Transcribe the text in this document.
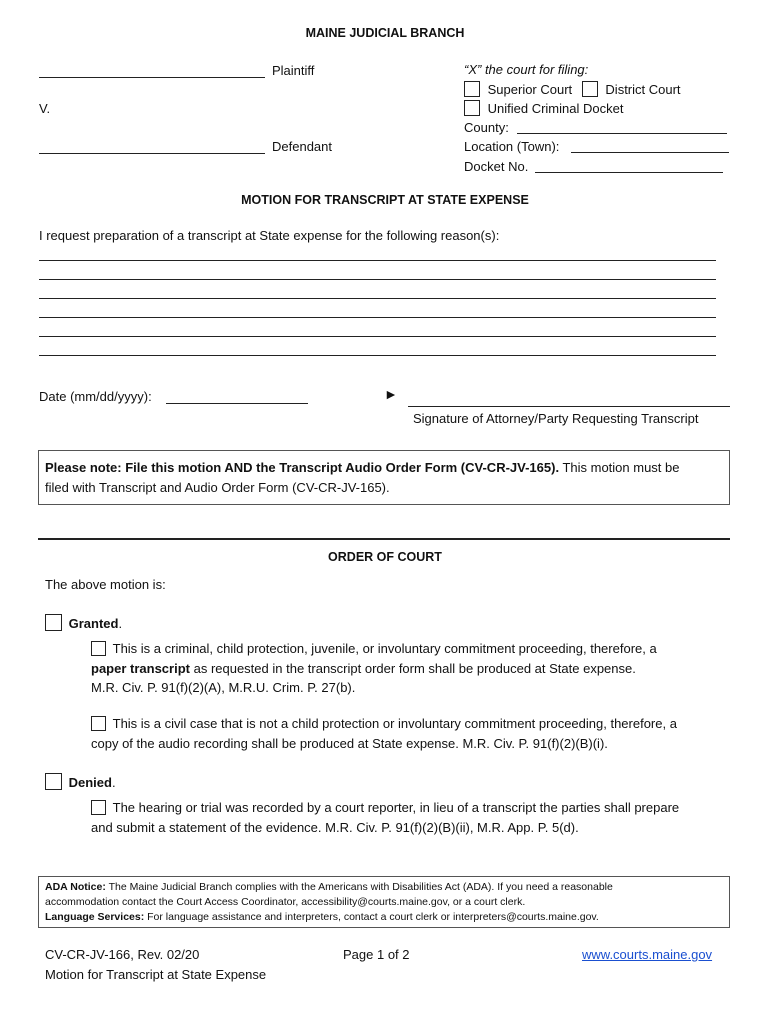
MAINE JUDICIAL BRANCH
Plaintiff
V.
Defendant
“X” the court for filing:
Superior Court	District Court
Unified Criminal Docket
County:
Location (Town):
Docket No.
MOTION FOR TRANSCRIPT AT STATE EXPENSE
I request preparation of a transcript at State expense for the following reason(s):
Date (mm/dd/yyyy):	►
Signature of Attorney/Party Requesting Transcript
Please note: File this motion AND the Transcript Audio Order Form (CV-CR-JV-165). This motion must be
filed with Transcript and Audio Order Form (CV-CR-JV-165).
ORDER OF COURT
The above motion is:
Granted.
This is a criminal, child protection, juvenile, or involuntary commitment proceeding, therefore, a
paper transcript as requested in the transcript order form shall be produced at State expense.
M.R. Civ. P. 91(f)(2)(A), M.R.U. Crim. P. 27(b).
This is a civil case that is not a child protection or involuntary commitment proceeding, therefore, a
copy of the audio recording shall be produced at State expense. M.R. Civ. P. 91(f)(2)(B)(i).
Denied.
The hearing or trial was recorded by a court reporter, in lieu of a transcript the parties shall prepare
and submit a statement of the evidence. M.R. Civ. P. 91(f)(2)(B)(ii), M.R. App. P. 5(d).
ADA Notice: The Maine Judicial Branch complies with the Americans with Disabilities Act (ADA). If you need a reasonable
accommodation contact the Court Access Coordinator, accessibility@courts.maine.gov, or a court clerk.
Language Services: For language assistance and interpreters, contact a court clerk or interpreters@courts.maine.gov.
CV-CR-JV-166, Rev. 02/20
Motion for Transcript at State Expense
Page 1 of 2	www.courts.maine.gov
